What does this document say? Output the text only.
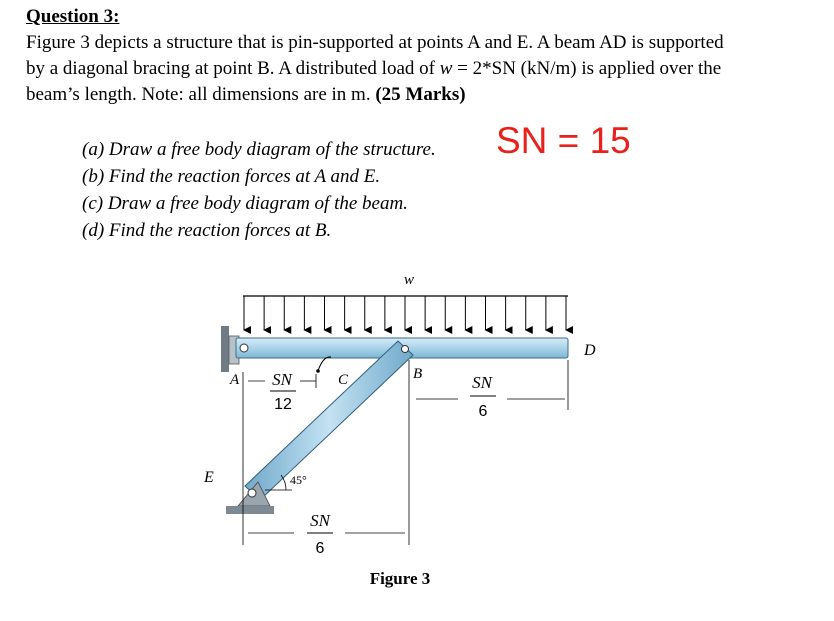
Question 3:
Figure 3 depicts a structure that is pin-supported at points A and E. A beam AD is supported
by a diagonal bracing at point B. A distributed load of w = 2*SN (kN/m) is applied over the
beam’s length. Note: all dimensions are in m. (25 Marks)
(a) Draw a free body diagram of the structure.
(b) Find the reaction forces at A and E.
(c) Draw a free body diagram of the beam.
(d) Find the reaction forces at B.
SN = 15
w
SN
12
SN
6
SN
6
45°
A	B
C
D
E
Figure 3
